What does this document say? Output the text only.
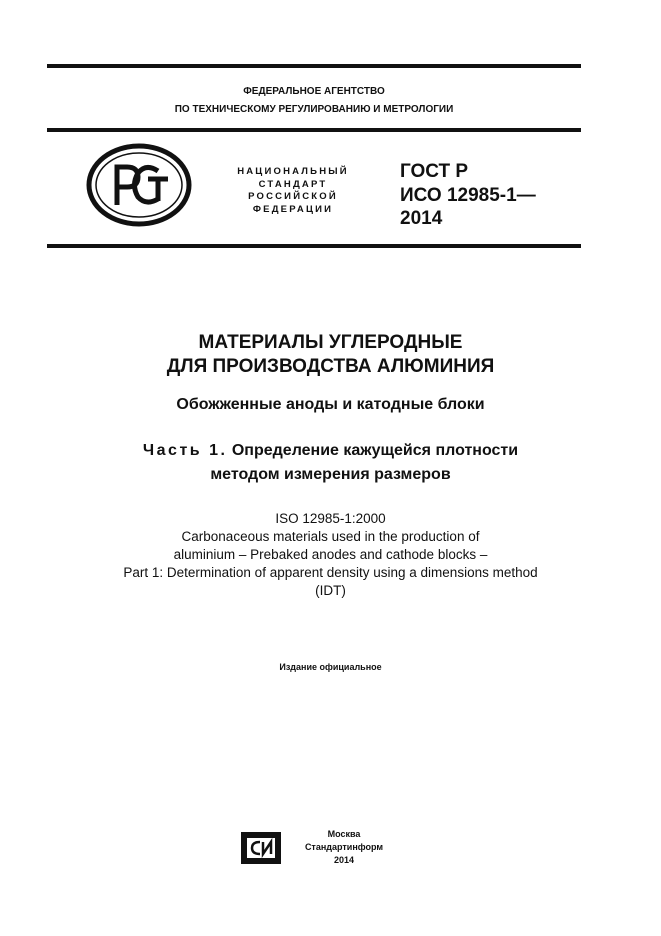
ФЕДЕРАЛЬНОЕ АГЕНТСТВО
ПО ТЕХНИЧЕСКОМУ РЕГУЛИРОВАНИЮ И МЕТРОЛОГИИ
НАЦИОНАЛЬНЫЙ
СТАНДАРТ
РОССИЙСКОЙ
ФЕДЕРАЦИИ
ГОСТ Р
ИСО 12985-1—
2014
МАТЕРИАЛЫ УГЛЕРОДНЫЕ
ДЛЯ ПРОИЗВОДСТВА АЛЮМИНИЯ
Обожженные аноды и катодные блоки
Часть 1. Определение кажущейся плотности
методом измерения размеров
ISO 12985-1:2000
Carbonaceous materials used in the production of
aluminium – Prebaked anodes and cathode blocks –
Part 1: Determination of apparent density using a dimensions method
(IDT)
Издание официальное
Москва
Стандартинформ
2014
